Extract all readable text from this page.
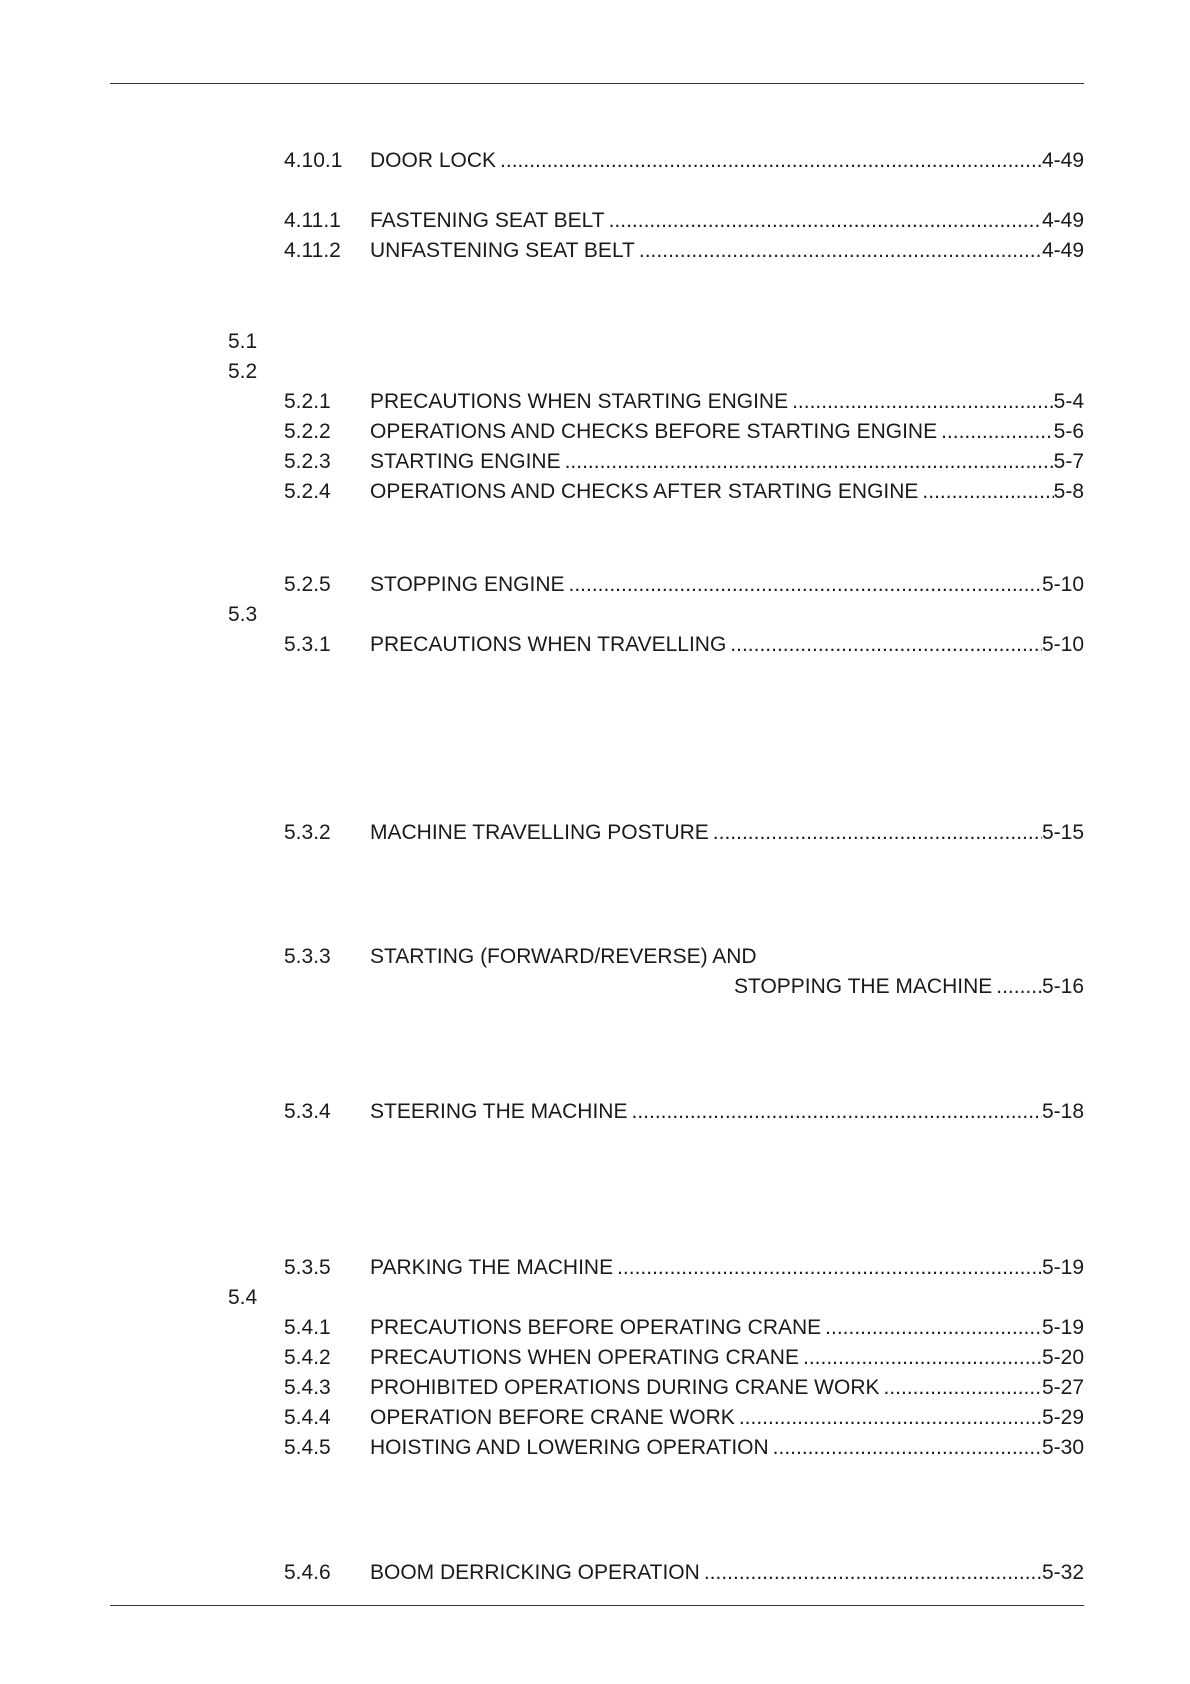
4.10.1 DOOR LOCK .....	4-49
4.11.1 FASTENING SEAT BELT .....	4-49
4.11.2 UNFASTENING SEAT BELT .....	4-49
5.1
5.2
5.2.1 PRECAUTIONS WHEN STARTING ENGINE .....	5-4
5.2.2 OPERATIONS AND CHECKS BEFORE STARTING ENGINE .....	5-6
5.2.3 STARTING ENGINE .....	5-7
5.2.4 OPERATIONS AND CHECKS AFTER STARTING ENGINE .....	5-8
5.2.5 STOPPING ENGINE .....	5-10
5.3
5.3.1 PRECAUTIONS WHEN TRAVELLING .....	5-10
5.3.2 MACHINE TRAVELLING POSTURE .....	5-15
5.3.3 STARTING (FORWARD/REVERSE) AND
STOPPING THE MACHINE ..... 5-16
5.3.4 STEERING THE MACHINE .....	5-18
5.3.5 PARKING THE MACHINE .....	5-19
5.4
5.4.1 PRECAUTIONS BEFORE OPERATING CRANE .....	5-19
5.4.2 PRECAUTIONS WHEN OPERATING CRANE .....	5-20
5.4.3 PROHIBITED OPERATIONS DURING CRANE WORK .....	5-27
5.4.4 OPERATION BEFORE CRANE WORK .....	5-29
5.4.5 HOISTING AND LOWERING OPERATION .....	5-30
5.4.6 BOOM DERRICKING OPERATION .....	5-32
